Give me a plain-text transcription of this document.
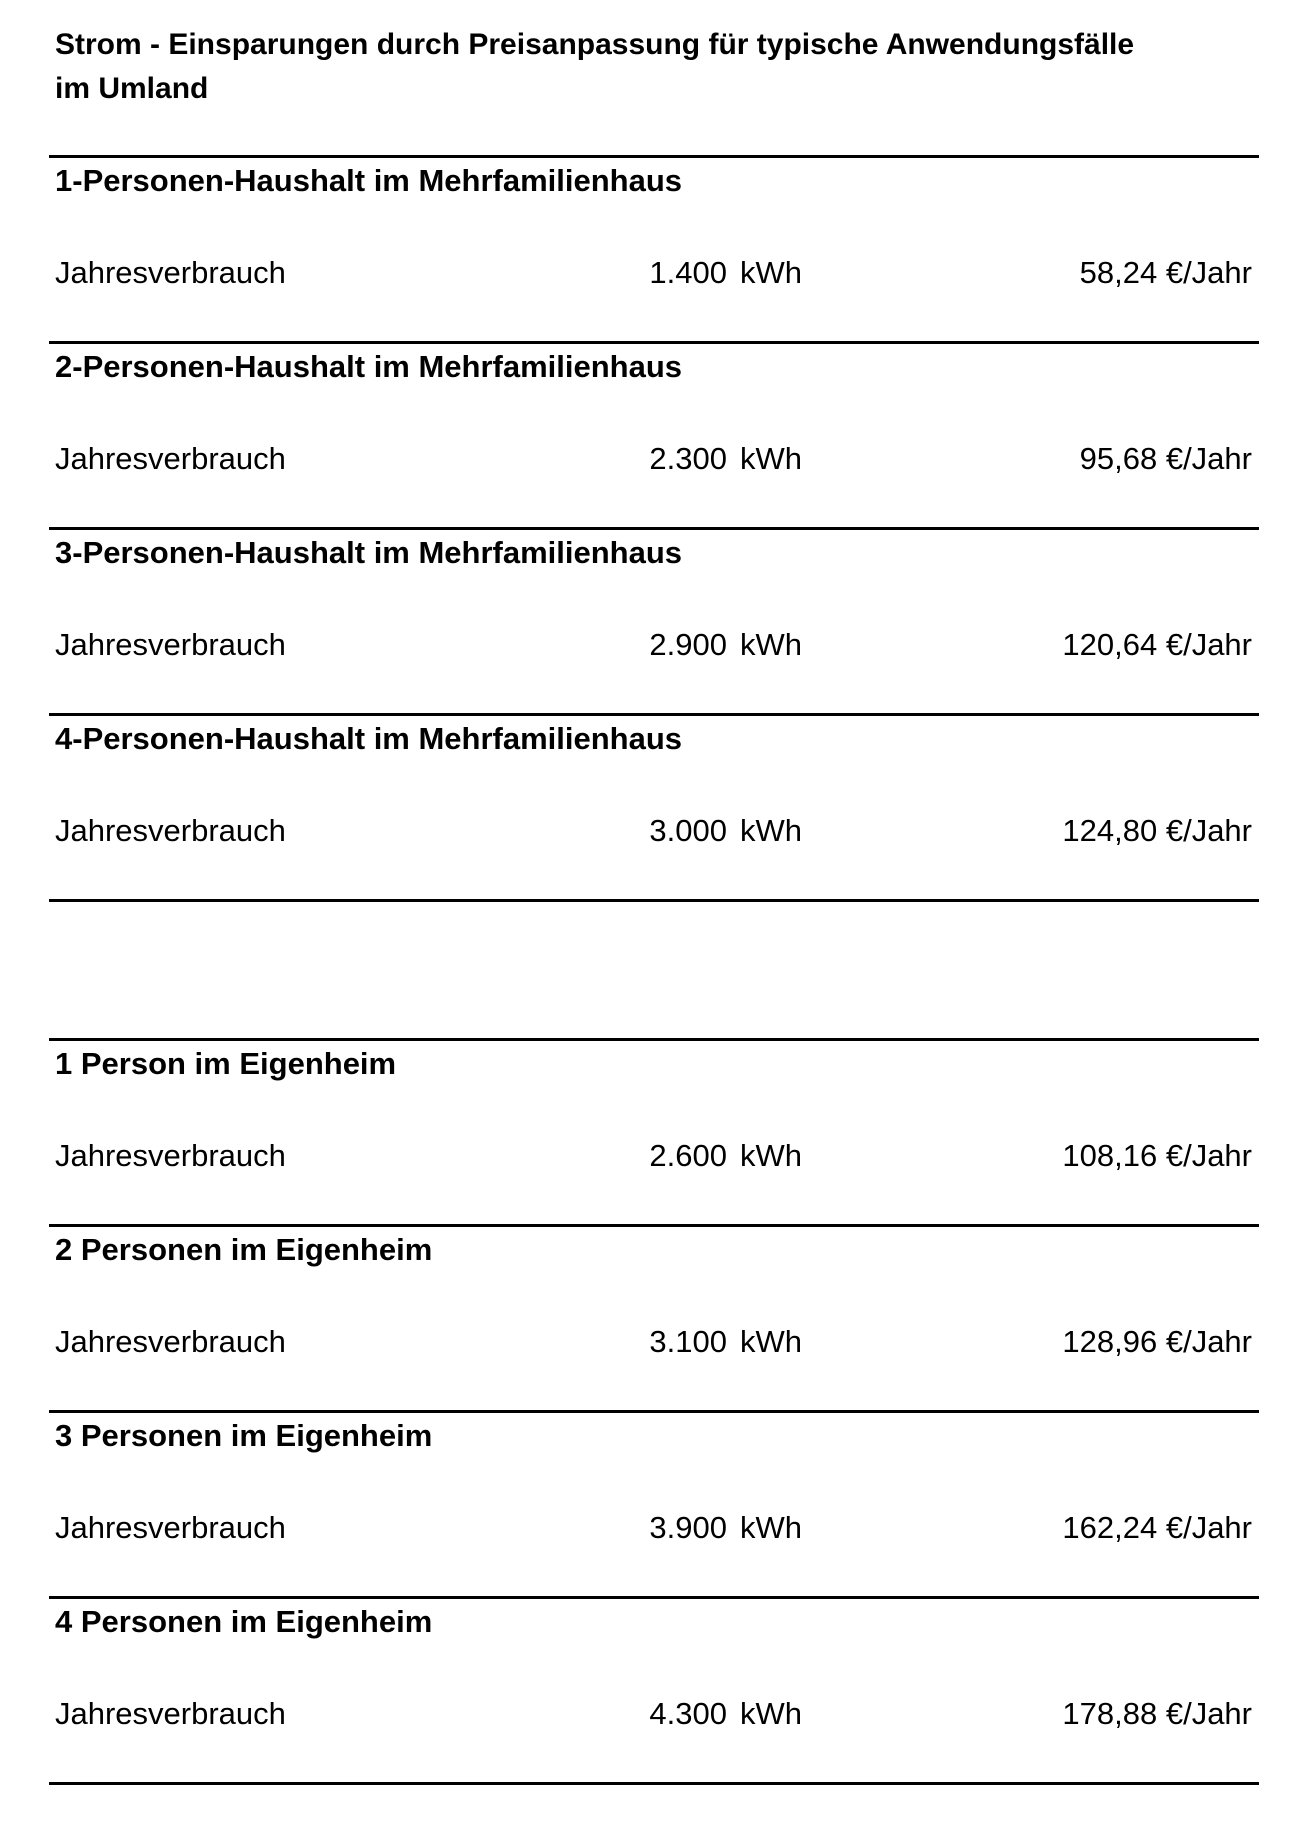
Strom - Einsparungen durch Preisanpassung für typische Anwendungsfälle im Umland
1-Personen-Haushalt im Mehrfamilienhaus
Jahresverbrauch	1.400 kWh	58,24 €/Jahr
2-Personen-Haushalt im Mehrfamilienhaus
Jahresverbrauch	2.300 kWh	95,68 €/Jahr
3-Personen-Haushalt im Mehrfamilienhaus
Jahresverbrauch	2.900 kWh	120,64 €/Jahr
4-Personen-Haushalt im Mehrfamilienhaus
Jahresverbrauch	3.000 kWh	124,80 €/Jahr
1 Person im Eigenheim
Jahresverbrauch	2.600 kWh	108,16 €/Jahr
2 Personen im Eigenheim
Jahresverbrauch	3.100 kWh	128,96 €/Jahr
3 Personen im Eigenheim
Jahresverbrauch	3.900 kWh	162,24 €/Jahr
4 Personen im Eigenheim
Jahresverbrauch	4.300 kWh	178,88 €/Jahr
